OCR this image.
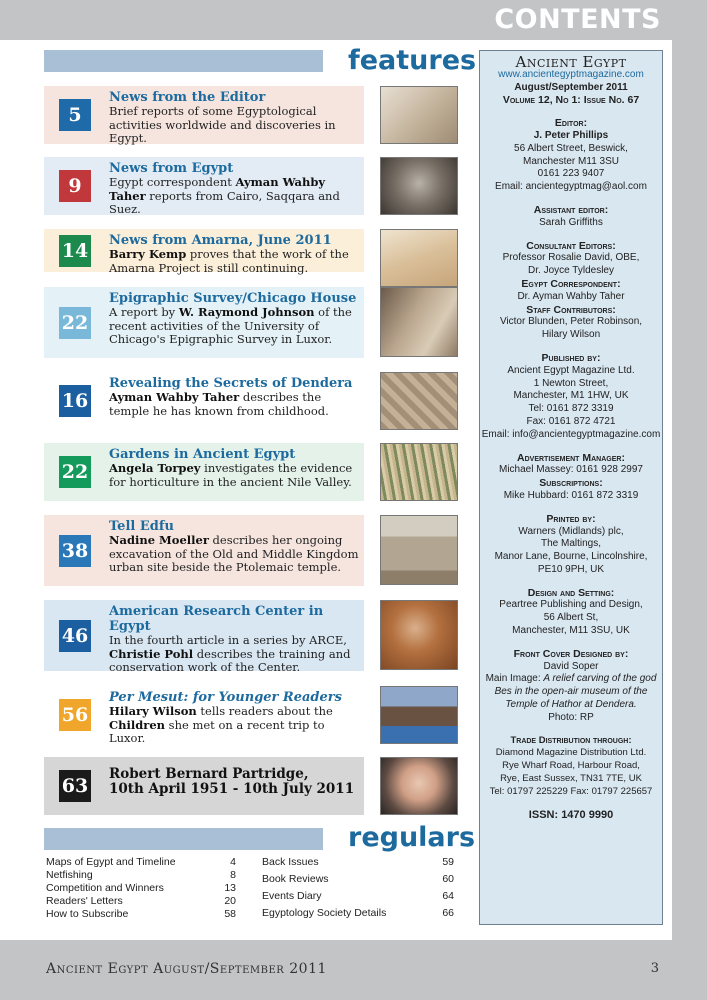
CONTENTS
features
5
News from the Editor
Brief reports of some Egyptological activities worldwide and discoveries in Egypt.
9
News from Egypt
Egypt correspondent Ayman Wahby Taher reports from Cairo, Saqqara and Suez.
14 News from Amarna, June 2011
Barry Kemp proves that the work of the Amarna Project is still continuing.
22
Epigraphic Survey/Chicago House
A report by W. Raymond Johnson of the recent activities of the University of Chicago's Epigraphic Survey in Luxor.
16
Revealing the Secrets of Dendera
Ayman Wahby Taher describes the temple he has known from childhood.
22
Gardens in Ancient Egypt
Angela Torpey investigates the evidence for horticulture in the ancient Nile Valley.
38
Tell Edfu
Nadine Moeller describes her ongoing excavation of the Old and Middle Kingdom urban site beside the Ptolemaic temple.
46
American Research Center in Egypt
In the fourth article in a series by ARCE, Christie Pohl describes the training and conservation work of the Center.
56
Per Mesut: for Younger Readers
Hilary Wilson tells readers about the Children she met on a recent trip to Luxor.
63
Robert Bernard Partridge,
10th April 1951 - 10th July 2011
regulars
Maps of Egypt and Timeline	4
Netfishing	8
Competition and Winners	13
Readers' Letters	20
How to Subscribe	58
Back Issues	59
Book Reviews	60
Events Diary	64
Egyptology Society Details	66
Ancient Egypt
www.ancientegyptmagazine.com
August/September 2011
Volume 12, No 1: Issue No. 67
Editor:
J. Peter Phillips
56 Albert Street, Beswick,
Manchester M11 3SU
0161 223 9407
Email: ancientegyptmag@aol.com
Assistant editor:
Sarah Griffiths
Consultant Editors:
Professor Rosalie David, OBE,
Dr. Joyce Tyldesley
Egypt Correspondent:
Dr. Ayman Wahby Taher
Staff Contributors:
Victor Blunden, Peter Robinson,
Hilary Wilson
Published by:
Ancient Egypt Magazine Ltd.
1 Newton Street,
Manchester, M1 1HW, UK
Tel: 0161 872 3319
Fax: 0161 872 4721
Email: info@ancientegyptmagazine.com
Advertisement Manager:
Michael Massey: 0161 928 2997
Subscriptions:
Mike Hubbard: 0161 872 3319
Printed by:
Warners (Midlands) plc,
The Maltings,
Manor Lane, Bourne, Lincolnshire,
PE10 9PH, UK
Design and Setting:
Peartree Publishing and Design,
56 Albert St,
Manchester, M11 3SU, UK
Front Cover Designed by:
David Soper
Main Image: A relief carving of the god
Bes in the open-air museum of the
Temple of Hathor at Dendera.
Photo: RP
Trade Distribution through:
Diamond Magazine Distribution Ltd.
Rye Wharf Road, Harbour Road,
Rye, East Sussex, TN31 7TE, UK
Tel: 01797 225229 Fax: 01797 225657
ISSN: 1470 9990
Ancient Egypt August/September 2011	3
